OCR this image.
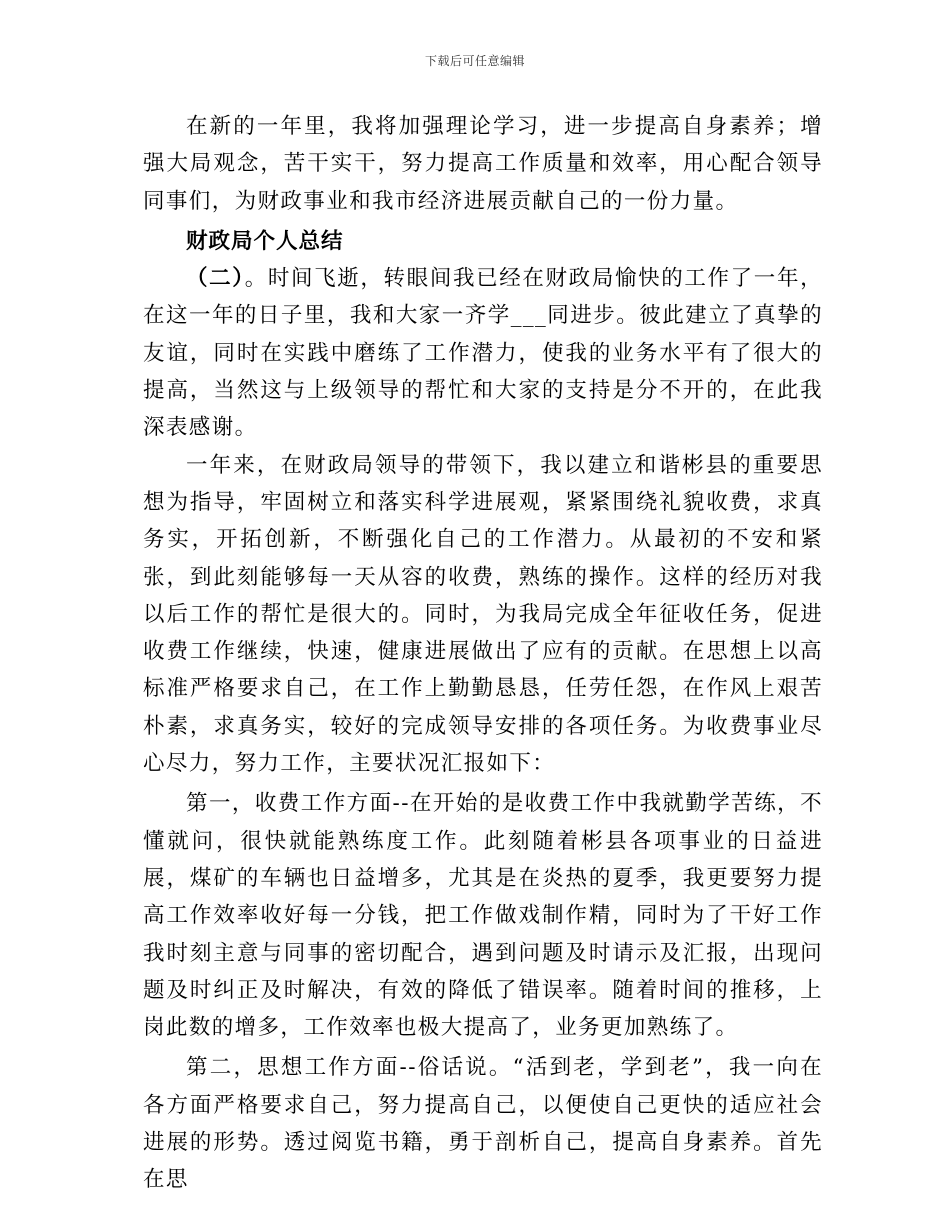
下载后可任意编辑

在新的一年里，我将加强理论学习，进一步提高自身素养；增强大局观念，苦干实干，努力提高工作质量和效率，用心配合领导同事们，为财政事业和我市经济进展贡献自己的一份力量。

财政局个人总结

（二）。时间飞逝，转眼间我已经在财政局愉快的工作了一年，在这一年的日子里，我和大家一齐学___同进步。彼此建立了真挚的友谊，同时在实践中磨练了工作潜力，使我的业务水平有了很大的提高，当然这与上级领导的帮忙和大家的支持是分不开的，在此我深表感谢。

一年来，在财政局领导的带领下，我以建立和谐彬县的重要思想为指导，牢固树立和落实科学进展观，紧紧围绕礼貌收费，求真务实，开拓创新，不断强化自己的工作潜力。从最初的不安和紧张，到此刻能够每一天从容的收费，熟练的操作。这样的经历对我以后工作的帮忙是很大的。同时，为我局完成全年征收任务，促进收费工作继续，快速，健康进展做出了应有的贡献。在思想上以高标准严格要求自己，在工作上勤勤恳恳，任劳任怨，在作风上艰苦朴素，求真务实，较好的完成领导安排的各项任务。为收费事业尽心尽力，努力工作，主要状况汇报如下：

第一，收费工作方面--在开始的是收费工作中我就勤学苦练，不懂就问，很快就能熟练度工作。此刻随着彬县各项事业的日益进展，煤矿的车辆也日益增多，尤其是在炎热的夏季，我更要努力提高工作效率收好每一分钱，把工作做戏制作精，同时为了干好工作我时刻主意与同事的密切配合，遇到问题及时请示及汇报，出现问题及时纠正及时解决，有效的降低了错误率。随着时间的推移，上岗此数的增多，工作效率也极大提高了，业务更加熟练了。

第二，思想工作方面--俗话说。“活到老，学到老”，我一向在各方面严格要求自己，努力提高自己，以便使自己更快的适应社会进展的形势。透过阅览书籍，勇于剖析自己，提高自身素养。首先在思
